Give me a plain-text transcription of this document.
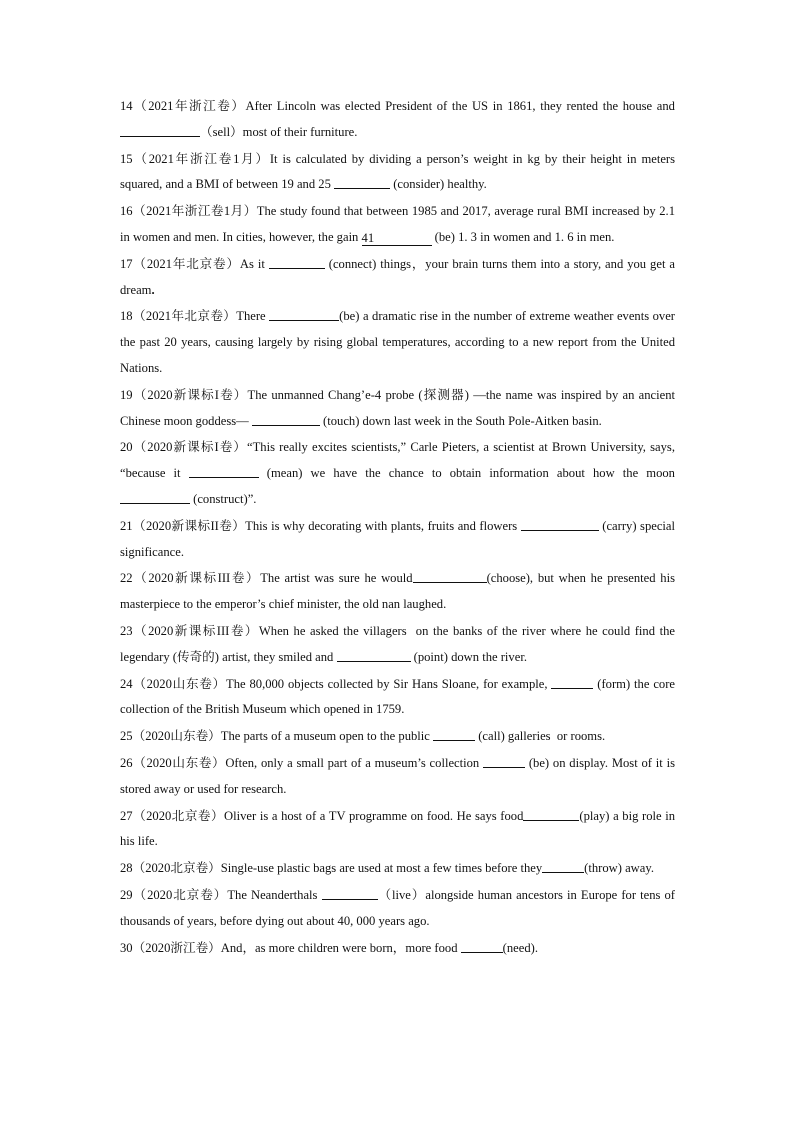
14（2021年浙江卷）After Lincoln was elected President of the US in 1861, they rented the house and （sell）most of their furniture.

15（2021年浙江卷1月）It is calculated by dividing a person’s weight in kg by their height in meters squared, and a BMI of between 19 and 25	(consider) healthy.

16（2021年浙江卷1月）The study found that between 1985 and 2017, average rural BMI increased by 2.1 in women and men. In cities, however, the gain 41	(be) 1. 3 in women and 1. 6 in men.

17（2021年北京卷）As it	(connect) things，your brain turns them into a story, and you get a dream.

18（2021年北京卷）There	(be) a dramatic rise in the number of extreme weather events over the past 20 years, causing largely by rising global temperatures, according to a new report from the United Nations.

19（2020新课标I卷）The unmanned Chang’e-4 probe (探测器) —the name was inspired by an ancient Chinese moon goddess—	(touch) down last week in the South Pole-Aitken basin.

20（2020新课标I卷）“This really excites scientists,” Carle Pieters, a scientist at Brown University, says, “because it	(mean) we have the chance to obtain information about how the moon  (construct)”.

21（2020新课标II卷）This is why decorating with plants, fruits and flowers	(carry) special significance.

22（2020新课标III卷）The artist was sure he would	(choose), but when he presented his masterpiece to the emperor’s chief minister, the old nan laughed.

23（2020新课标III卷）When he asked the villagers  on the banks of the river where he could find the legendary (传奇的) artist, they smiled and	(point) down the river.

24（2020山东卷）The 80,000 objects collected by Sir Hans Sloane, for example,	(form) the core collection of the British Museum which opened in 1759.

25（2020山东卷）The parts of a museum open to the public	(call) galleries  or rooms.

26（2020山东卷）Often, only a small part of a museum’s collection	(be) on display. Most of it is stored away or used for research.

27（2020北京卷）Oliver is a host of a TV programme on food. He says food	(play) a big role in his life.

28（2020北京卷）Single-use plastic bags are used at most a few times before they	(throw) away.

29（2020北京卷）The Neanderthals	（live）alongside human ancestors in Europe for tens of thousands of years, before dying out about 40, 000 years ago.

30（2020浙江卷）And，as more children were born，more food	(need).
